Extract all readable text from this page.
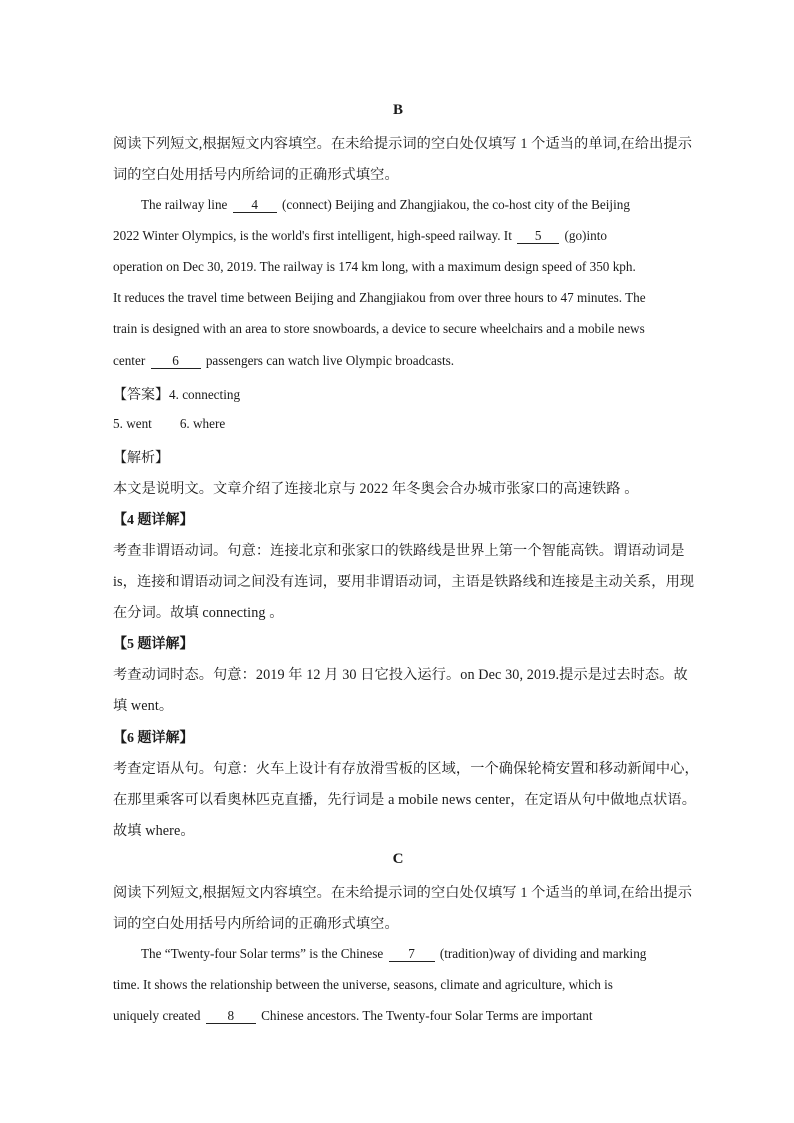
B
阅读下列短文,根据短文内容填空。在未给提示词的空白处仅填写 1 个适当的单词,在给出提示
词的空白处用括号内所给词的正确形式填空。
The railway line 4 (connect) Beijing and Zhangjiakou, the co-host city of the Beijing
2022 Winter Olympics, is the world's first intelligent, high-speed railway. It 5 (go)into
operation on Dec 30, 2019. The railway is 174 km long, with a maximum design speed of 350 kph.
It reduces the travel time between Beijing and Zhangjiakou from over three hours to 47 minutes. The
train is designed with an area to store snowboards, a device to secure wheelchairs and a mobile news
center 6 passengers can watch live Olympic broadcasts.
【答案】4. connecting
5. went 6. where
【解析】
本文是说明文。文章介绍了连接北京与 2022 年冬奥会合办城市张家口的高速铁路 。
【4 题详解】
考查非谓语动词。句意：连接北京和张家口的铁路线是世界上第一个智能高铁。谓语动词是
is，连接和谓语动词之间没有连词，要用非谓语动词，主语是铁路线和连接是主动关系，用现
在分词。故填 connecting 。
【5 题详解】
考查动词时态。句意：2019 年 12 月 30 日它投入运行。on Dec 30, 2019.提示是过去时态。故
填 went。
【6 题详解】
考查定语从句。句意：火车上设计有存放滑雪板的区域，一个确保轮椅安置和移动新闻中心，
在那里乘客可以看奥林匹克直播，先行词是 a mobile news center，在定语从句中做地点状语。
故填 where。
C
阅读下列短文,根据短文内容填空。在未给提示词的空白处仅填写 1 个适当的单词,在给出提示
词的空白处用括号内所给词的正确形式填空。
The “Twenty-four Solar terms” is the Chinese 7 (tradition)way of dividing and marking
time. It shows the relationship between the universe, seasons, climate and agriculture, which is
uniquely created 8 Chinese ancestors. The Twenty-four Solar Terms are important
